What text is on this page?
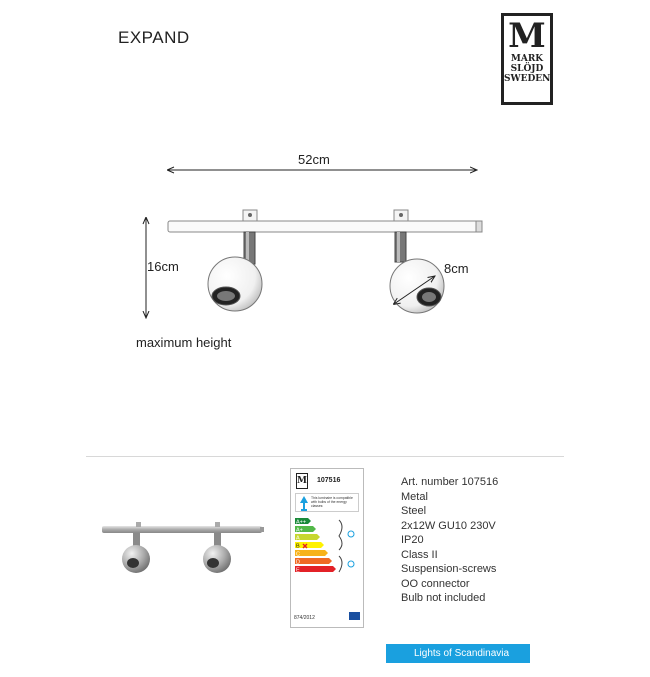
EXPAND	M
MARK
SLÖJD
SWEDEN
52cm
16cm	8cm
maximum height
M 107516
This luminaire is compatible with bulbs of the energy classes:
A++
A+
A
B
C
D
E
874/2012
Art. number 107516
Metal
Steel
2x12W GU10 230V
IP20
Class II
Suspension-screws
OO connector
Bulb not included
Lights of Scandinavia
